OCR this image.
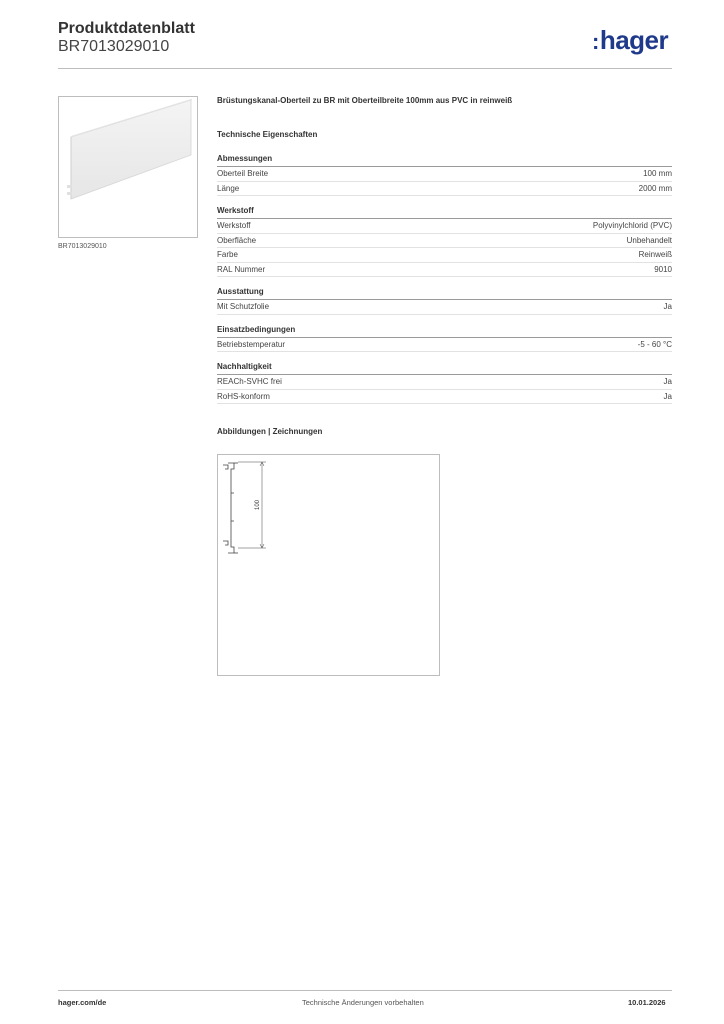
Produktdatenblatt
BR7013029010	:hager
BR7013029010
Brüstungskanal-Oberteil zu BR mit Oberteilbreite 100mm aus PVC in reinweiß
Technische Eigenschaften
Abmessungen
Oberteil Breite	100 mm
Länge	2000 mm
Werkstoff
Werkstoff	Polyvinylchlorid (PVC)
Oberfläche	Unbehandelt
Farbe	Reinweiß
RAL Nummer	9010
Ausstattung
Mit Schutzfolie	Ja
Einsatzbedingungen
Betriebstemperatur	-5 - 60 °C
Nachhaltigkeit
REACh-SVHC frei	Ja
RoHS-konform	Ja
Abbildungen | Zeichnungen
100
hager.com/de	Technische Änderungen vorbehalten	10.01.2026
